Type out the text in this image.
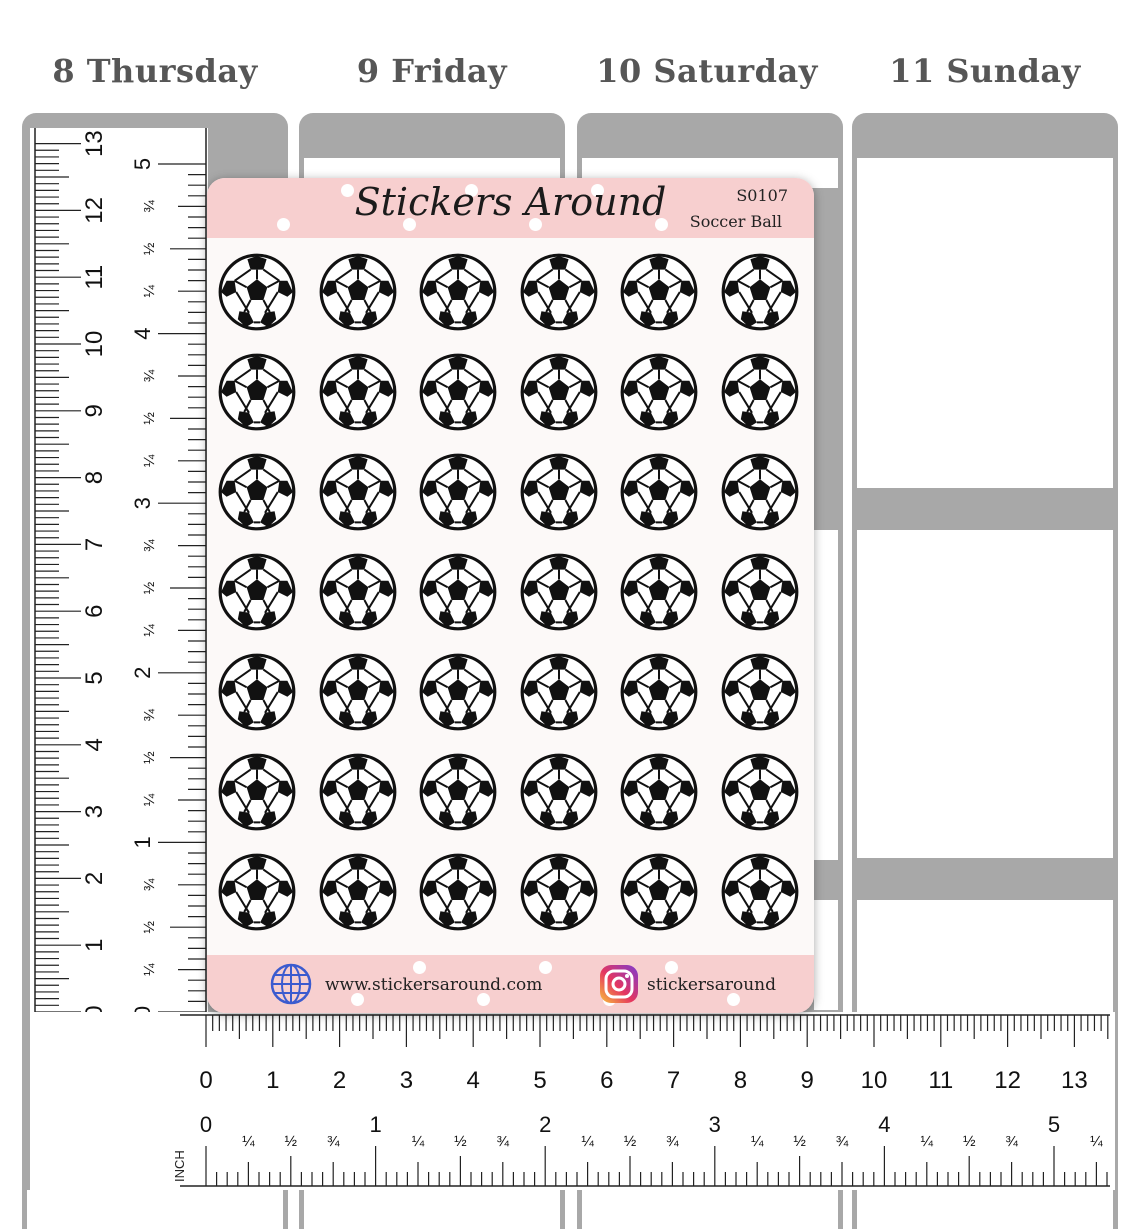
8 Thursday	9 Friday	10 Saturday	11 Sunday
1
2
3
4
5
6
7
8
9
10
11
12
13
1
2
3
4
5
¼
½
¾
¼
½
¾
¼
½
¾
¼
½
¾
¼
½
¾
0 1 2 3 4 5 6 7 8 9 10 11 12 13
0	1	2	3	4	5
¼ ½ ¾	¼ ½ ¾	¼ ½ ¾	¼ ½ ¾	¼ ½ ¾	¼
INCH
Stickers Around	S0107
Soccer Ball
www.stickersaround.com	stickersaround
